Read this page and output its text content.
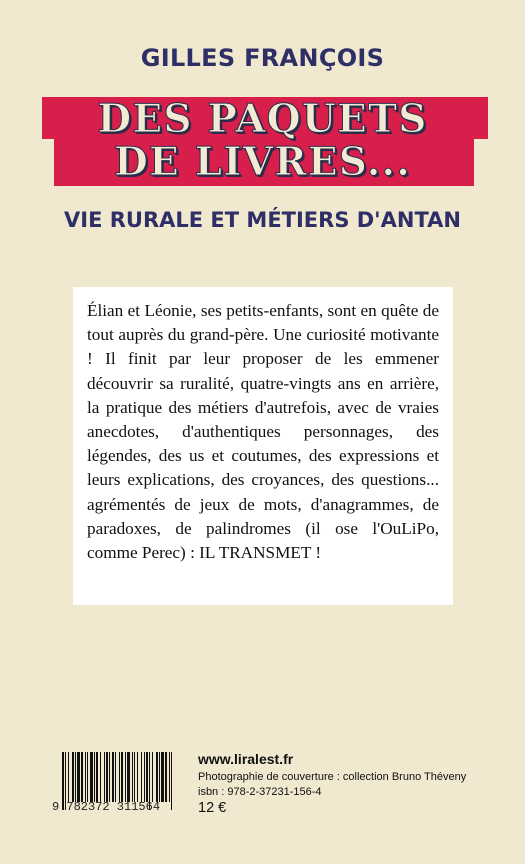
GILLES FRANÇOIS
DES PAQUETS
DE LIVRES...
VIE RURALE ET MÉTIERS D'ANTAN

Élian et Léonie, ses petits-enfants, sont en quête de tout auprès du grand-père. Une curiosité motivante ! Il finit par leur proposer de les emmener découvrir sa ruralité, quatre-vingts ans en arrière, la pratique des métiers d'autrefois, avec de vraies anecdotes, d'authentiques personnages, des légendes, des us et coutumes, des expressions et leurs explications, des croyances, des questions... agrémentés de jeux de mots, d'anagrammes, de paradoxes, de palindromes (il ose l'OuLiPo, comme Perec) : IL TRANSMET !

9 782372 311564
www.liralest.fr
Photographie de couverture : collection Bruno Théveny
isbn : 978-2-37231-156-4
12 €
